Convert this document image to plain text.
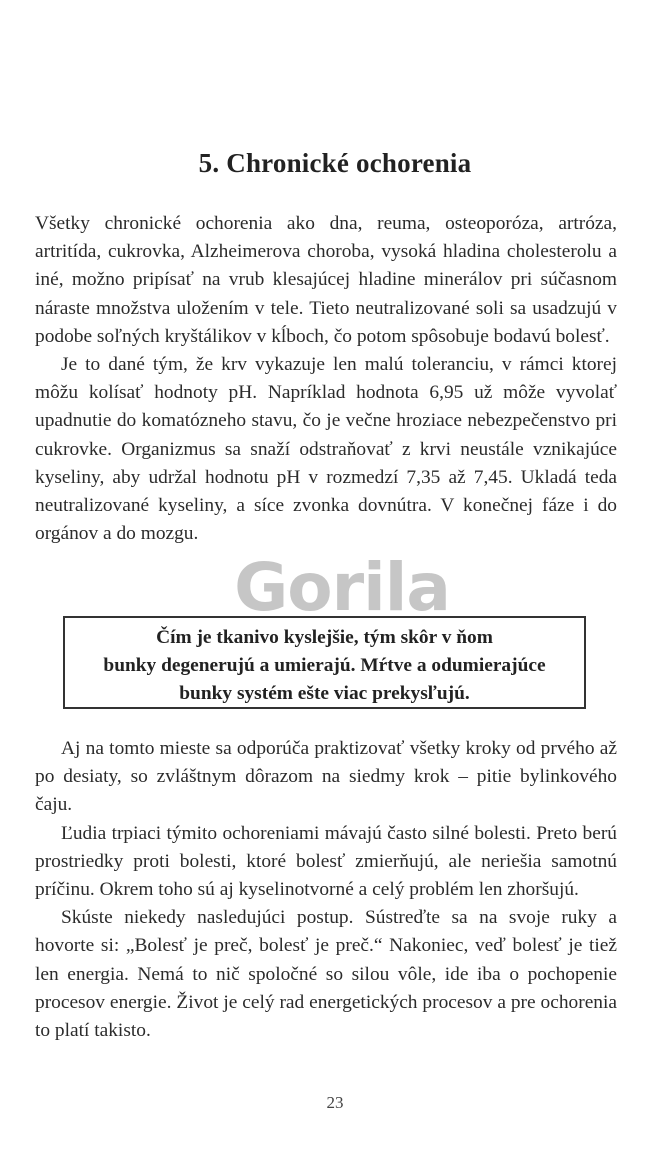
5. Chronické ochorenia

Všetky chronické ochorenia ako dna, reuma, osteoporóza, artróza, artritída, cukrovka, Alzheimerova choroba, vysoká hladina cholesterolu a iné, možno pripísať na vrub klesajúcej hladine minerálov pri súčasnom náraste množstva uložením v tele. Tieto neutralizované soli sa usadzujú v podobe soľných kryštálikov v kĺboch, čo potom spôsobuje bodavú bolesť.

Je to dané tým, že krv vykazuje len malú toleranciu, v rámci ktorej môžu kolísať hodnoty pH. Napríklad hodnota 6,95 už môže vyvolať upadnutie do komatózneho stavu, čo je večne hroziace nebezpečenstvo pri cukrovke. Organizmus sa snaží odstraňovať z krvi neustále vznikajúce kyseliny, aby udržal hodnotu pH v rozmedzí 7,35 až 7,45. Ukladá teda neutralizované kyseliny, a síce zvonka dovnútra. V konečnej fáze i do orgánov a do mozgu.

Čím je tkanivo kyslejšie, tým skôr v ňom
bunky degenerujú a umierajú. Mŕtve a odumierajúce
bunky systém ešte viac prekysľujú.

Aj na tomto mieste sa odporúča praktizovať všetky kroky od prvého až po desiaty, so zvláštnym dôrazom na siedmy krok – pitie bylinkového čaju.

Ľudia trpiaci týmito ochoreniami mávajú často silné bolesti. Preto berú prostriedky proti bolesti, ktoré bolesť zmierňujú, ale neriešia samotnú príčinu. Okrem toho sú aj kyselinotvorné a celý problém len zhoršujú.

Skúste niekedy nasledujúci postup. Sústreďte sa na svoje ruky a hovorte si: „Bolesť je preč, bolesť je preč.“ Nakoniec, veď bolesť je tiež len energia. Nemá to nič spoločné so silou vôle, ide iba o pochopenie procesov energie. Život je celý rad energetických procesov a pre ochorenia to platí takisto.

23
Gorila
